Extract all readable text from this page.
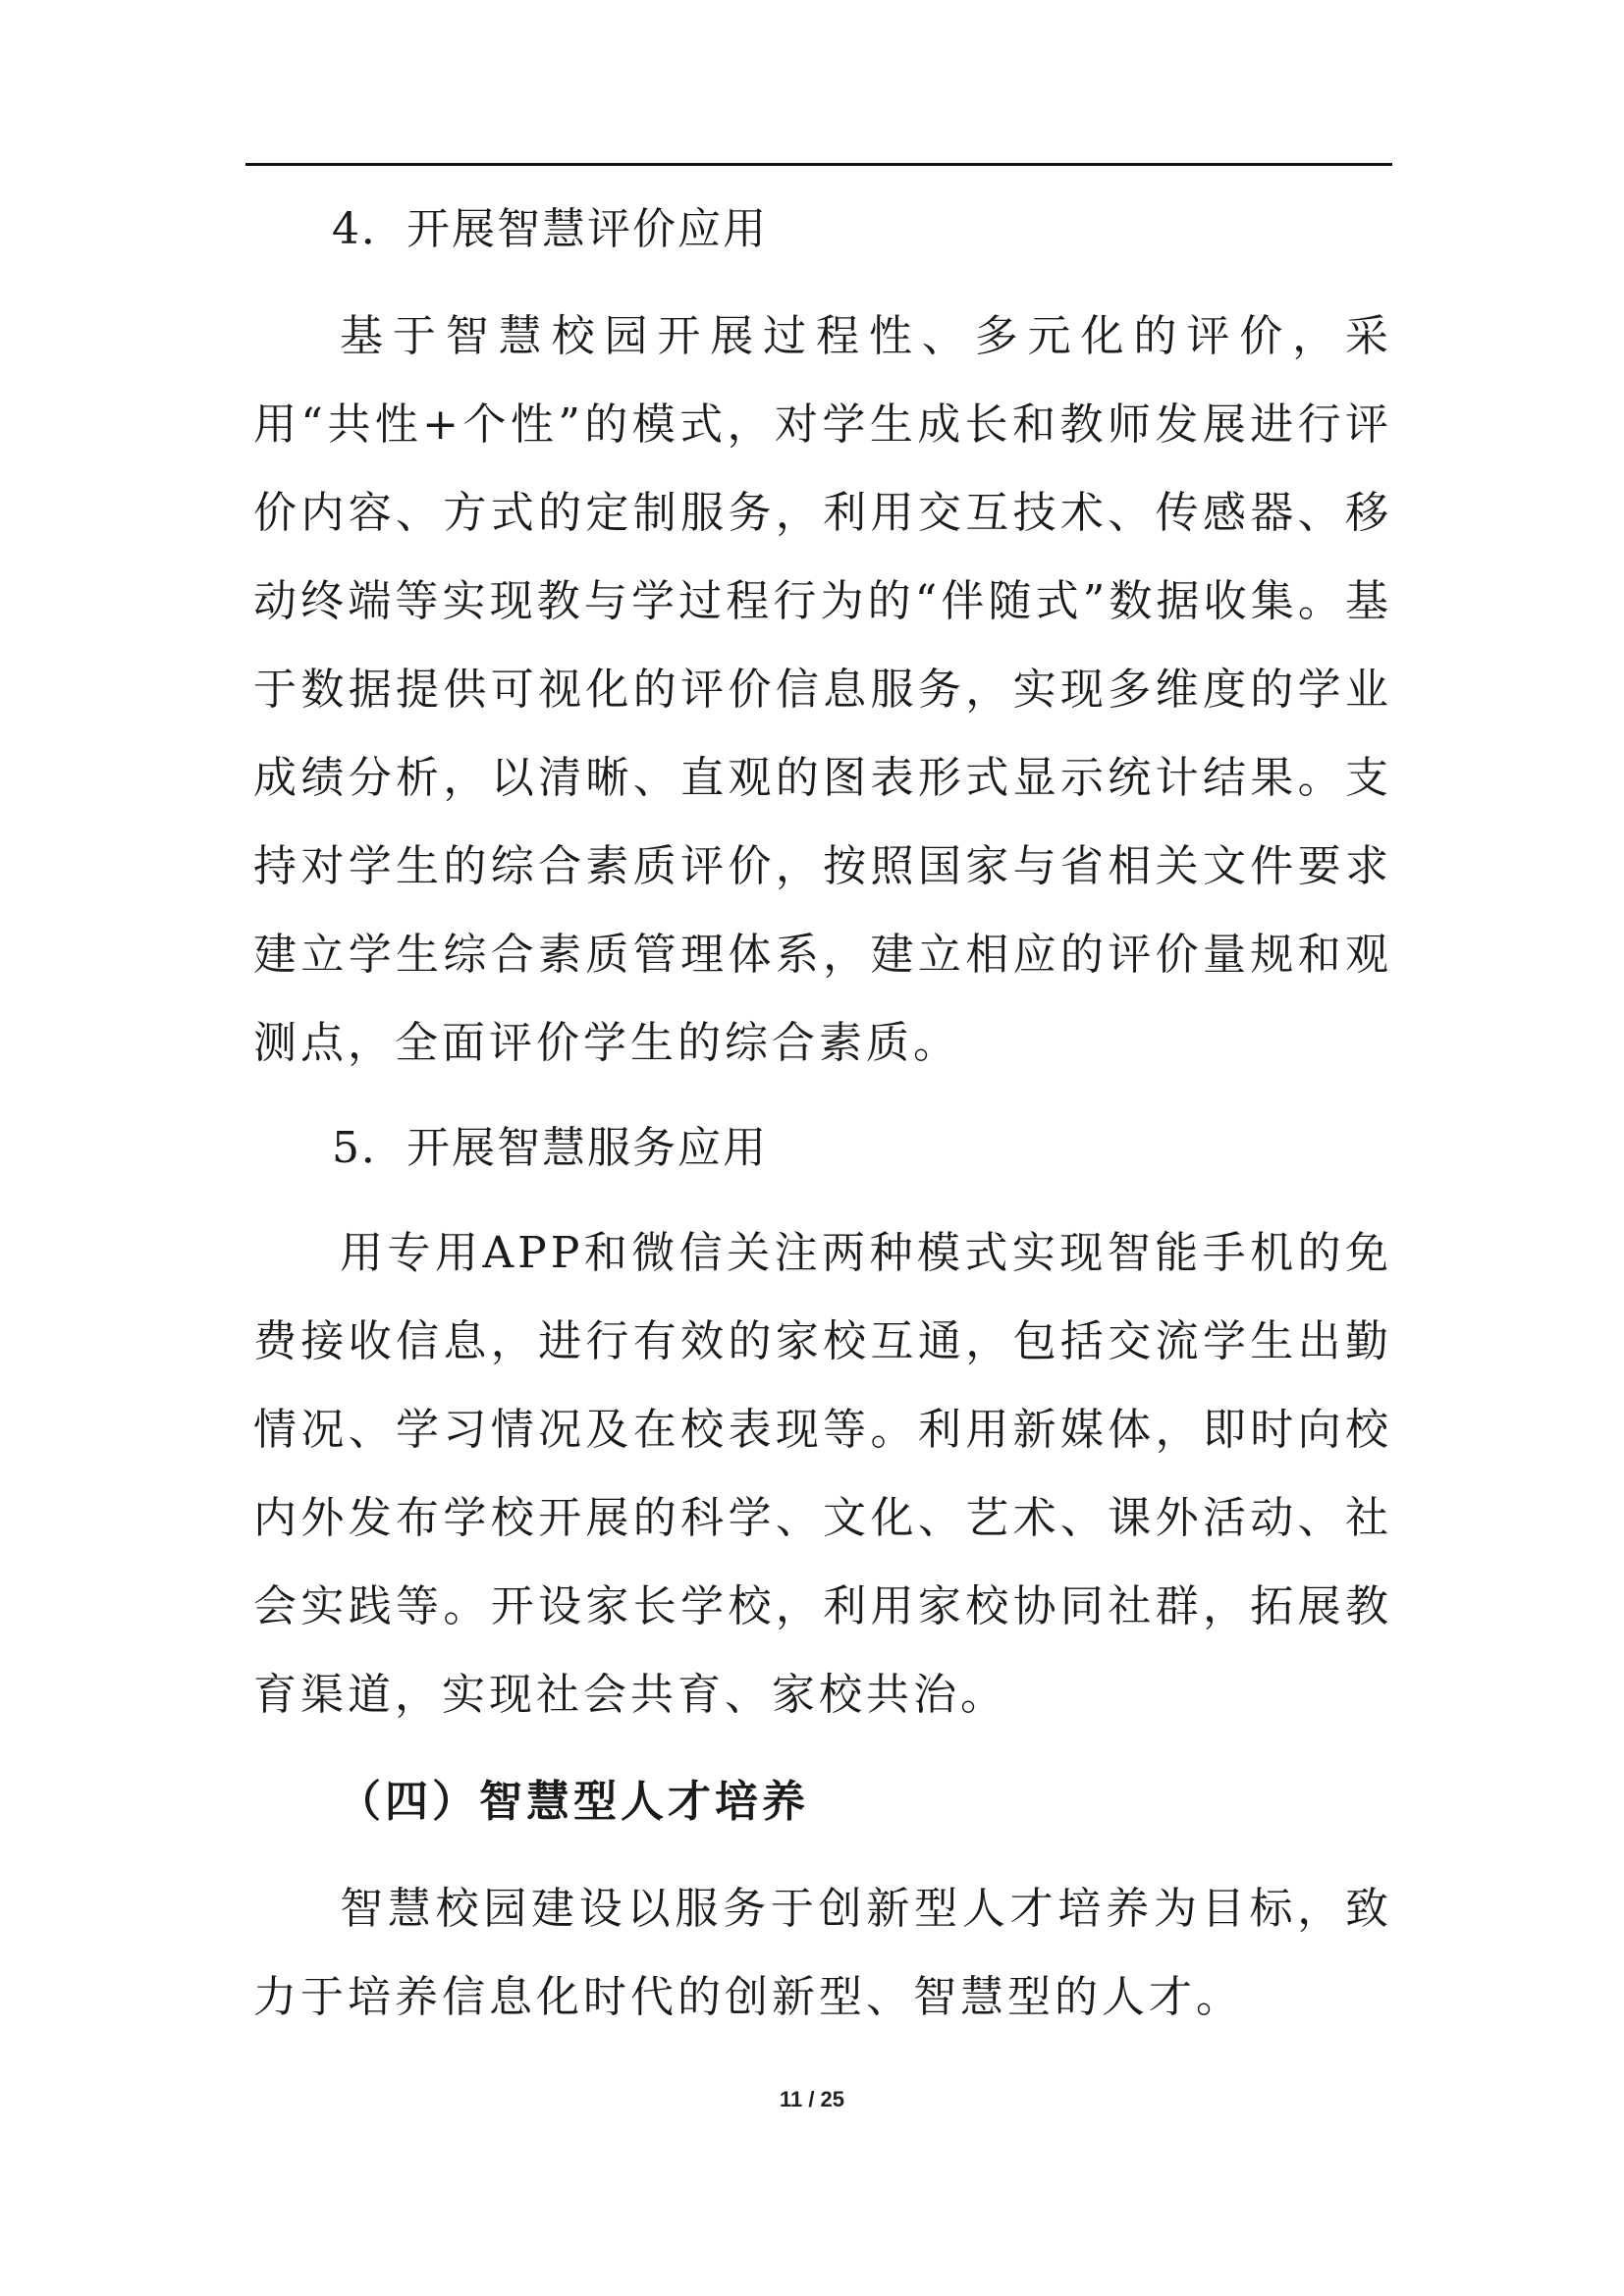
4．开展智慧评价应用

基于智慧校园开展过程性、多元化的评价，采用“共性+个性”的模式，对学生成长和教师发展进行评价内容、方式的定制服务，利用交互技术、传感器、移动终端等实现教与学过程行为的“伴随式”数据收集。基于数据提供可视化的评价信息服务，实现多维度的学业成绩分析，以清晰、直观的图表形式显示统计结果。支持对学生的综合素质评价，按照国家与省相关文件要求建立学生综合素质管理体系，建立相应的评价量规和观测点，全面评价学生的综合素质。

5．开展智慧服务应用

用专用APP和微信关注两种模式实现智能手机的免费接收信息，进行有效的家校互通，包括交流学生出勤情况、学习情况及在校表现等。利用新媒体，即时向校内外发布学校开展的科学、文化、艺术、课外活动、社会实践等。开设家长学校，利用家校协同社群，拓展教育渠道，实现社会共育、家校共治。

（四）智慧型人才培养

智慧校园建设以服务于创新型人才培养为目标，致力于培养信息化时代的创新型、智慧型的人才。

11 / 25
